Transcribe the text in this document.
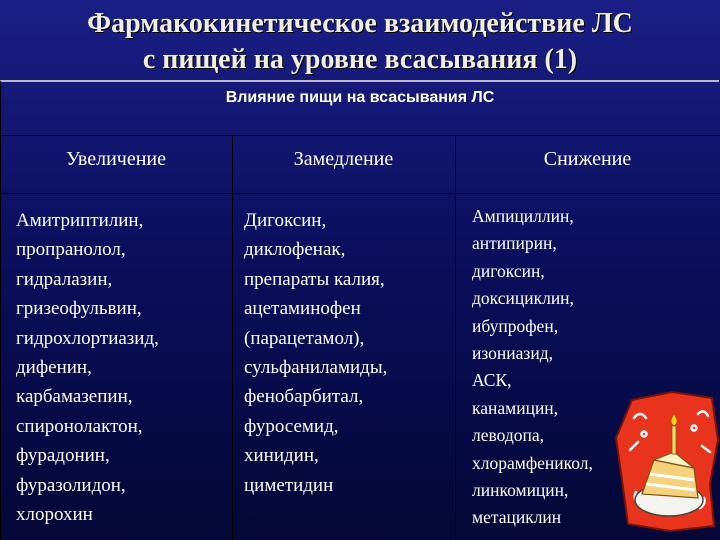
Фармакокинетическое взаимодействие ЛС
с пищей на уровне всасывания (1)
Влияние пищи на всасывания ЛС
Увеличение	Замедление	Снижение
Амитриптилин,
пропранолол,
гидралазин,
гризеофульвин,
гидрохлортиазид,
дифенин,
карбамазепин,
спиронолактон,
фурадонин,
фуразолидон,
хлорохин
Дигоксин,
диклофенак,
препараты калия,
ацетаминофен
(парацетамол),
сульфаниламиды,
фенобарбитал,
фуросемид,
хинидин,
циметидин
Ампициллин,
антипирин,
дигоксин,
доксициклин,
ибупрофен,
изониазид,
АСК,
канамицин,
леводопа,
хлорамфеникол,
линкомицин,
метациклин
